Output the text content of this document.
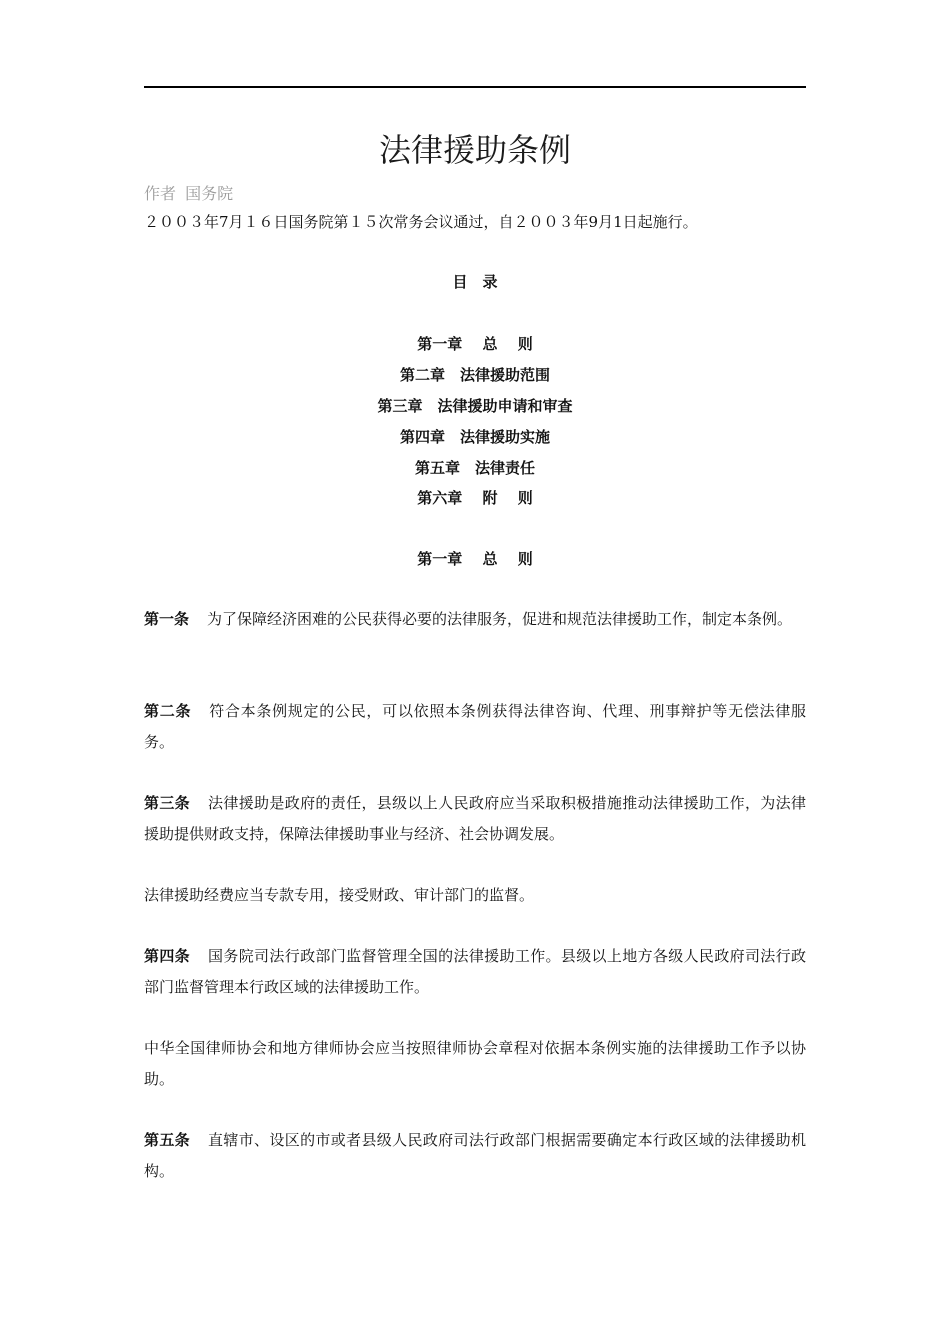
法律援助条例
作者 国务院
２００３年7月１６日国务院第１５次常务会议通过，自２００３年9月1日起施行。
目　录
第一章　 总　 则
第二章　法律援助范围
第三章　法律援助申请和审查
第四章　法律援助实施
第五章　法律责任
第六章　 附　 则
第一章　 总　 则
第一条 为了保障经济困难的公民获得必要的法律服务，促进和规范法律援助工作，制定本条例。
第二条 符合本条例规定的公民，可以依照本条例获得法律咨询、代理、刑事辩护等无偿法律服务。
第三条 法律援助是政府的责任，县级以上人民政府应当采取积极措施推动法律援助工作，为法律援助提供财政支持，保障法律援助事业与经济、社会协调发展。
法律援助经费应当专款专用，接受财政、审计部门的监督。
第四条 国务院司法行政部门监督管理全国的法律援助工作。县级以上地方各级人民政府司法行政部门监督管理本行政区域的法律援助工作。
中华全国律师协会和地方律师协会应当按照律师协会章程对依据本条例实施的法律援助工作予以协助。
第五条 直辖市、设区的市或者县级人民政府司法行政部门根据需要确定本行政区域的法律援助机构。
